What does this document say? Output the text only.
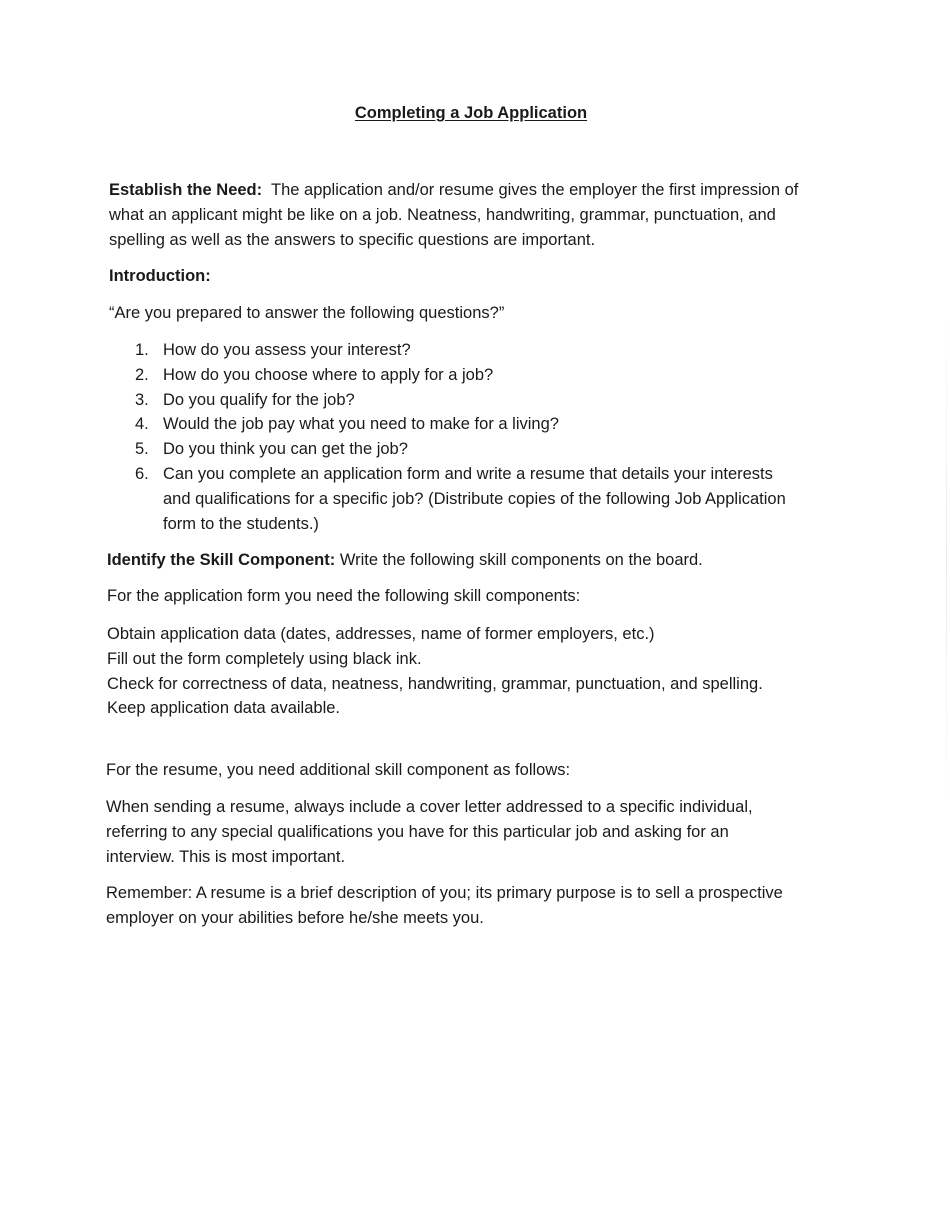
Completing a Job Application

Establish the Need: The application and/or resume gives the employer the first impression of
what an applicant might be like on a job. Neatness, handwriting, grammar, punctuation, and
spelling as well as the answers to specific questions are important.

Introduction:

“Are you prepared to answer the following questions?”

1. How do you assess your interest?
2. How do you choose where to apply for a job?
3. Do you qualify for the job?
4. Would the job pay what you need to make for a living?
5. Do you think you can get the job?
6. Can you complete an application form and write a resume that details your interests
and qualifications for a specific job? (Distribute copies of the following Job Application
form to the students.)

Identify the Skill Component: Write the following skill components on the board.

For the application form you need the following skill components:

Obtain application data (dates, addresses, name of former employers, etc.)
Fill out the form completely using black ink.
Check for correctness of data, neatness, handwriting, grammar, punctuation, and spelling.
Keep application data available.

For the resume, you need additional skill component as follows:

When sending a resume, always include a cover letter addressed to a specific individual,
referring to any special qualifications you have for this particular job and asking for an
interview. This is most important.

Remember: A resume is a brief description of you; its primary purpose is to sell a prospective
employer on your abilities before he/she meets you.
